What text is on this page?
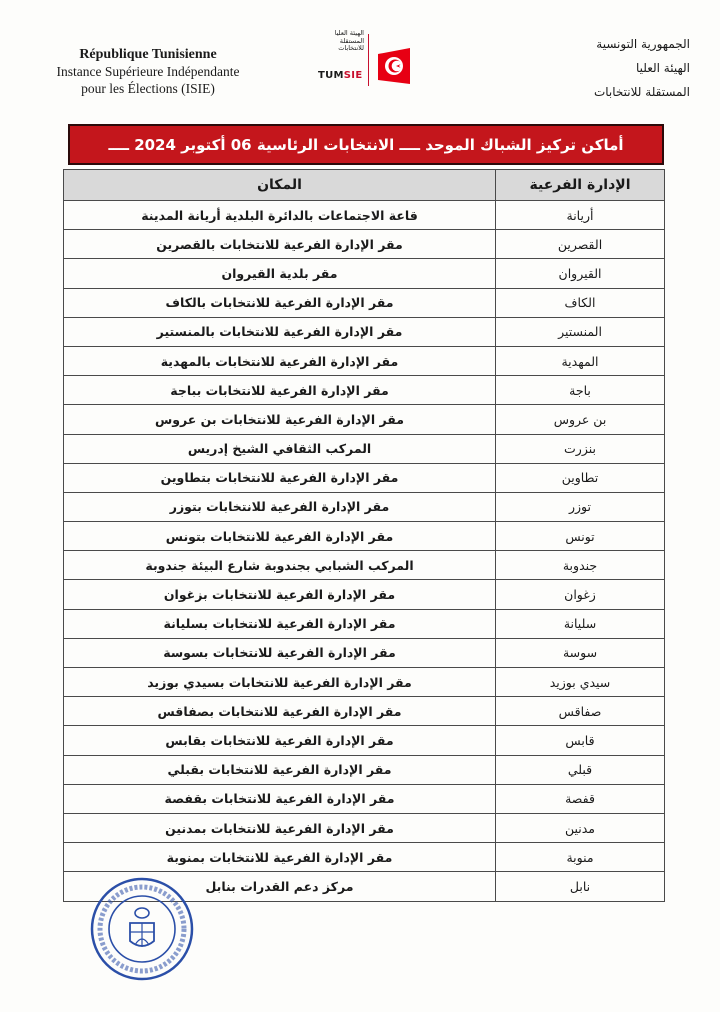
République Tunisienne
Instance Supérieure Indépendante
pour les Élections (ISIE)
الهيئة العليا المستقلة للانتخابات
TUMSIE
الجمهورية التونسية
الهيئة العليا
المستقلة للانتخابات
أماكن تركيز الشباك الموحد ــــ الانتخابات الرئاسية 06 أكتوبر 2024 ــــ
الإدارة الفرعية	المكان
أريانة	قاعة الاجتماعات بالدائرة البلدية أريانة المدينة
القصرين	مقر الإدارة الفرعية للانتخابات بالقصرين
القيروان	مقر بلدية القيروان
الكاف	مقر الإدارة الفرعية للانتخابات بالكاف
المنستير	مقر الإدارة الفرعية للانتخابات بالمنستير
المهدية	مقر الإدارة الفرعية للانتخابات بالمهدية
باجة	مقر الإدارة الفرعية للانتخابات بباجة
بن عروس	مقر الإدارة الفرعية للانتخابات بن عروس
بنزرت	المركب الثقافي الشيخ إدريس
تطاوين	مقر الإدارة الفرعية للانتخابات بتطاوين
توزر	مقر الإدارة الفرعية للانتخابات بتوزر
تونس	مقر الإدارة الفرعية للانتخابات بتونس
جندوبة	المركب الشبابي بجندوبة شارع البيئة جندوبة
زغوان	مقر الإدارة الفرعية للانتخابات بزغوان
سليانة	مقر الإدارة الفرعية للانتخابات بسليانة
سوسة	مقر الإدارة الفرعية للانتخابات بسوسة
سيدي بوزيد	مقر الإدارة الفرعية للانتخابات بسيدي بوزيد
صفاقس	مقر الإدارة الفرعية للانتخابات بصفاقس
قابس	مقر الإدارة الفرعية للانتخابات بقابس
قبلي	مقر الإدارة الفرعية للانتخابات بقبلي
قفصة	مقر الإدارة الفرعية للانتخابات بقفصة
مدنين	مقر الإدارة الفرعية للانتخابات بمدنين
منوبة	مقر الإدارة الفرعية للانتخابات بمنوبة
نابل	مركز دعم القدرات بنابل
